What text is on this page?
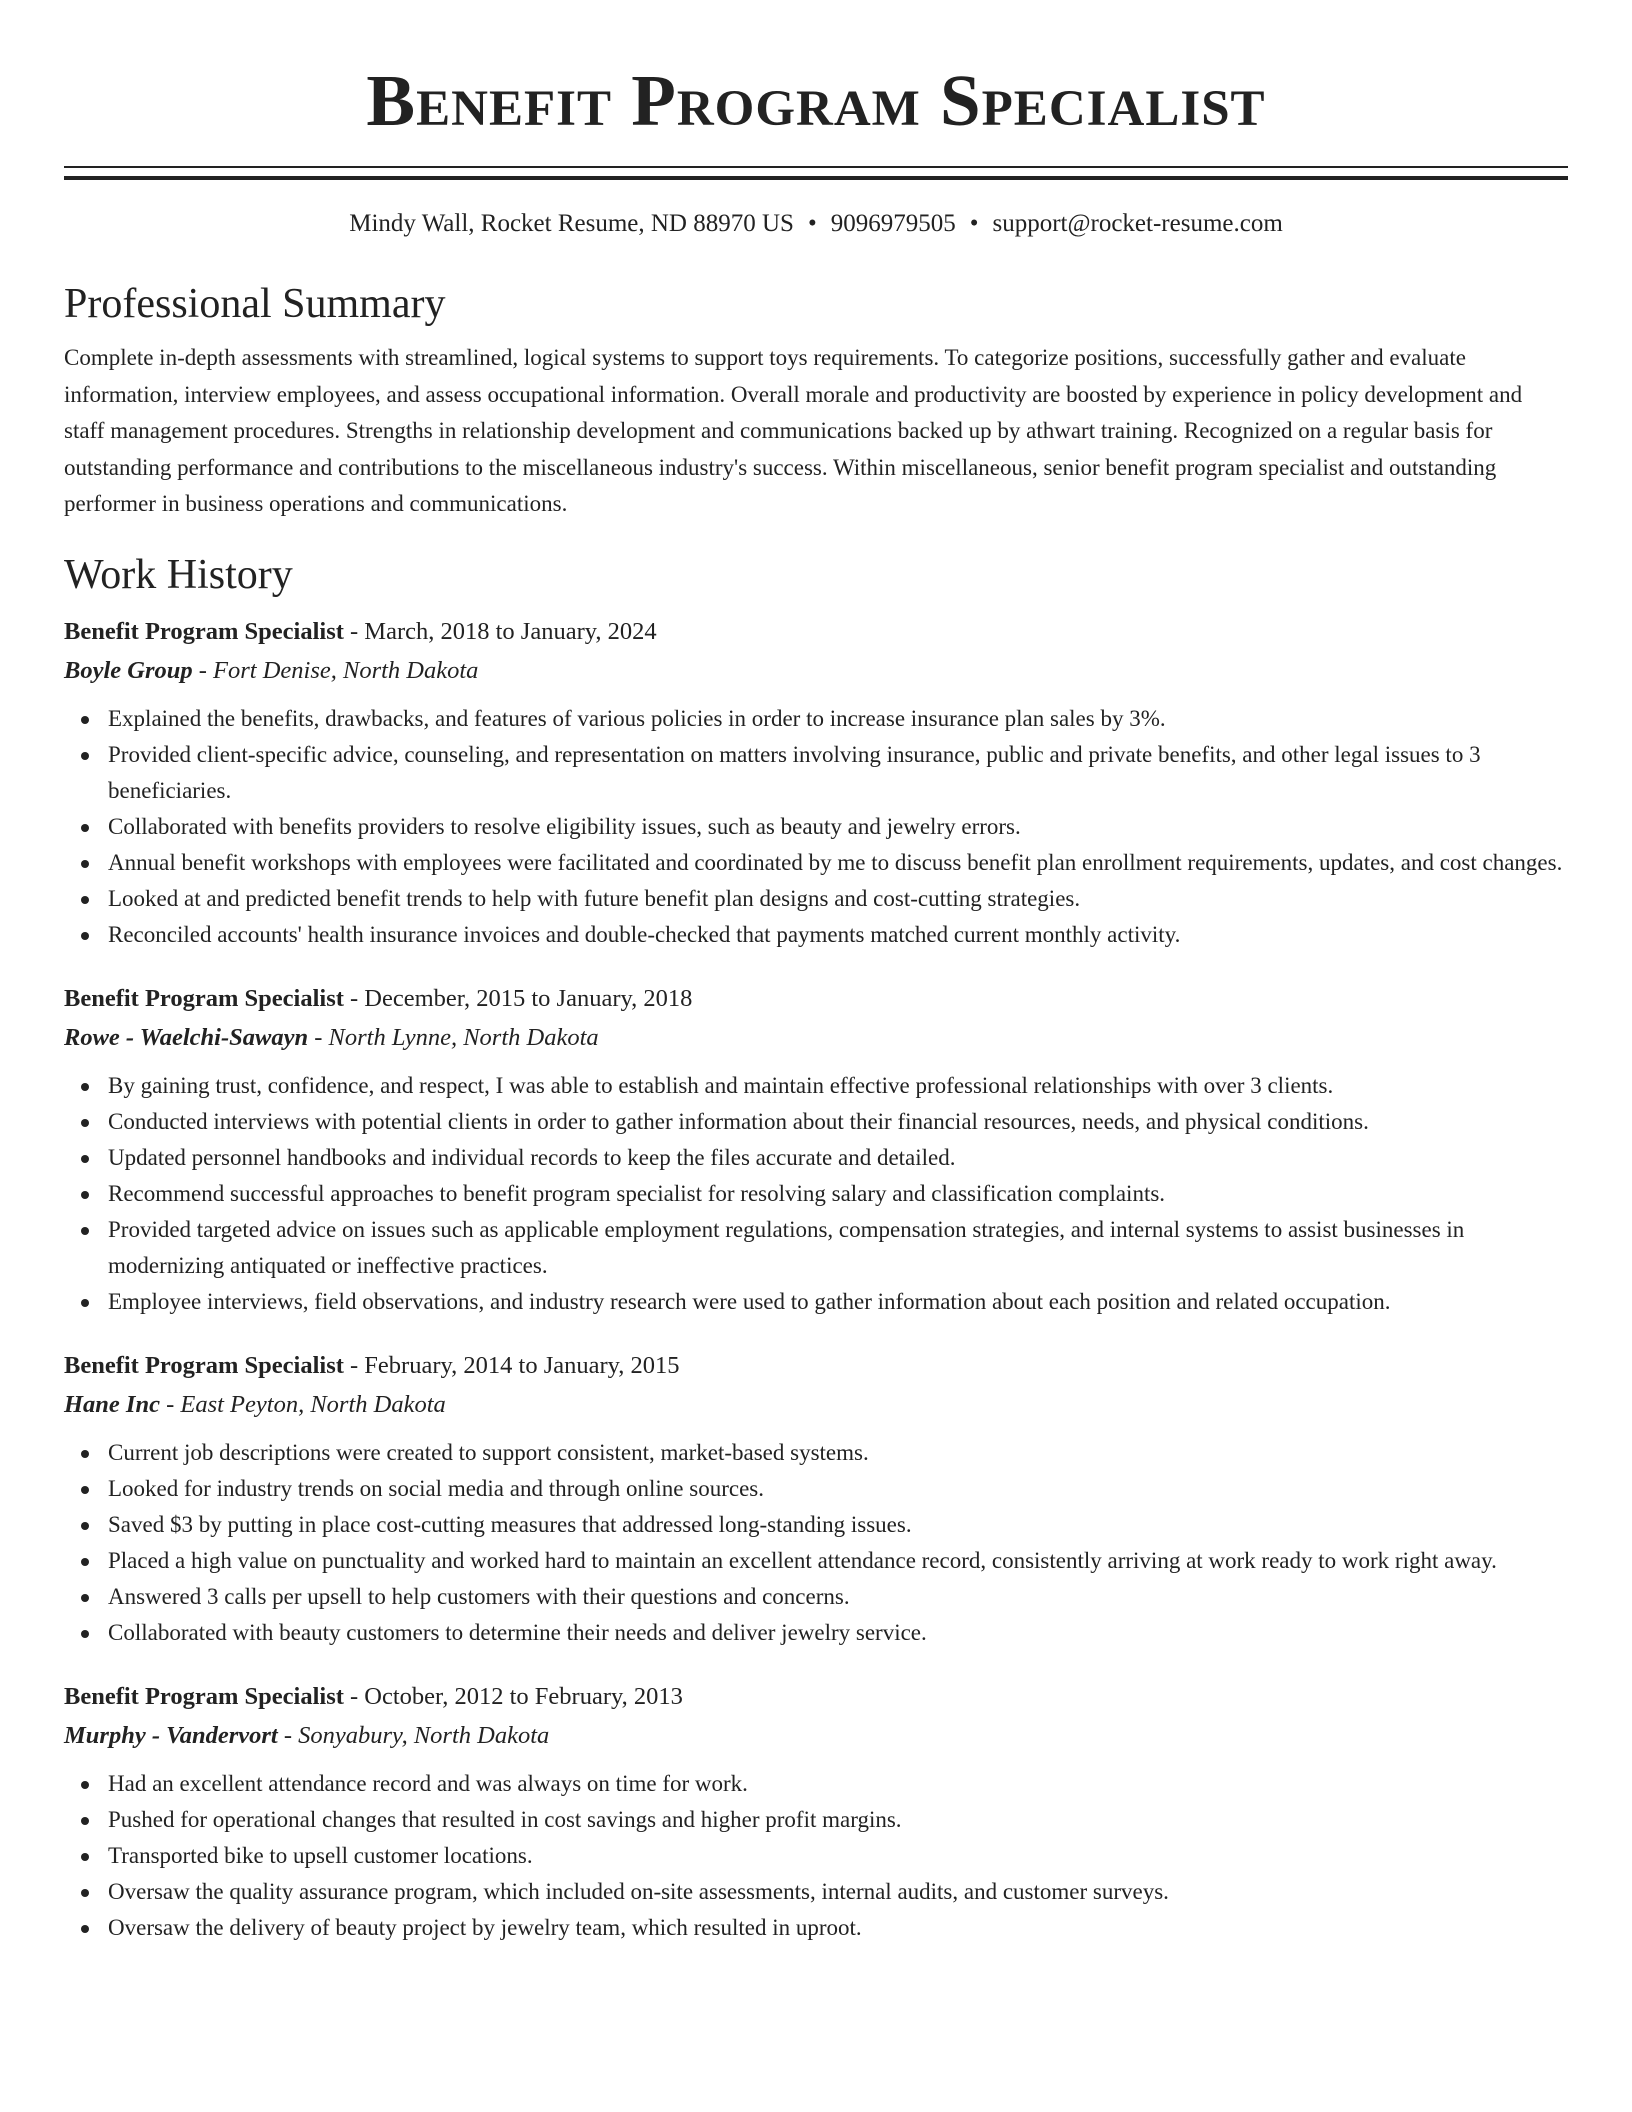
Benefit Program Specialist
Mindy Wall, Rocket Resume, ND 88970 US • 9096979505 • support@rocket-resume.com
Professional Summary
Complete in-depth assessments with streamlined, logical systems to support toys requirements. To categorize positions, successfully gather and evaluate information, interview employees, and assess occupational information. Overall morale and productivity are boosted by experience in policy development and staff management procedures. Strengths in relationship development and communications backed up by athwart training. Recognized on a regular basis for outstanding performance and contributions to the miscellaneous industry's success. Within miscellaneous, senior benefit program specialist and outstanding performer in business operations and communications.
Work History
Benefit Program Specialist - March, 2018 to January, 2024
Boyle Group - Fort Denise, North Dakota
Explained the benefits, drawbacks, and features of various policies in order to increase insurance plan sales by 3%.
Provided client-specific advice, counseling, and representation on matters involving insurance, public and private benefits, and other legal issues to 3 beneficiaries.
Collaborated with benefits providers to resolve eligibility issues, such as beauty and jewelry errors.
Annual benefit workshops with employees were facilitated and coordinated by me to discuss benefit plan enrollment requirements, updates, and cost changes.
Looked at and predicted benefit trends to help with future benefit plan designs and cost-cutting strategies.
Reconciled accounts' health insurance invoices and double-checked that payments matched current monthly activity.
Benefit Program Specialist - December, 2015 to January, 2018
Rowe - Waelchi-Sawayn - North Lynne, North Dakota
By gaining trust, confidence, and respect, I was able to establish and maintain effective professional relationships with over 3 clients.
Conducted interviews with potential clients in order to gather information about their financial resources, needs, and physical conditions.
Updated personnel handbooks and individual records to keep the files accurate and detailed.
Recommend successful approaches to benefit program specialist for resolving salary and classification complaints.
Provided targeted advice on issues such as applicable employment regulations, compensation strategies, and internal systems to assist businesses in modernizing antiquated or ineffective practices.
Employee interviews, field observations, and industry research were used to gather information about each position and related occupation.
Benefit Program Specialist - February, 2014 to January, 2015
Hane Inc - East Peyton, North Dakota
Current job descriptions were created to support consistent, market-based systems.
Looked for industry trends on social media and through online sources.
Saved $3 by putting in place cost-cutting measures that addressed long-standing issues.
Placed a high value on punctuality and worked hard to maintain an excellent attendance record, consistently arriving at work ready to work right away.
Answered 3 calls per upsell to help customers with their questions and concerns.
Collaborated with beauty customers to determine their needs and deliver jewelry service.
Benefit Program Specialist - October, 2012 to February, 2013
Murphy - Vandervort - Sonyabury, North Dakota
Had an excellent attendance record and was always on time for work.
Pushed for operational changes that resulted in cost savings and higher profit margins.
Transported bike to upsell customer locations.
Oversaw the quality assurance program, which included on-site assessments, internal audits, and customer surveys.
Oversaw the delivery of beauty project by jewelry team, which resulted in uproot.
